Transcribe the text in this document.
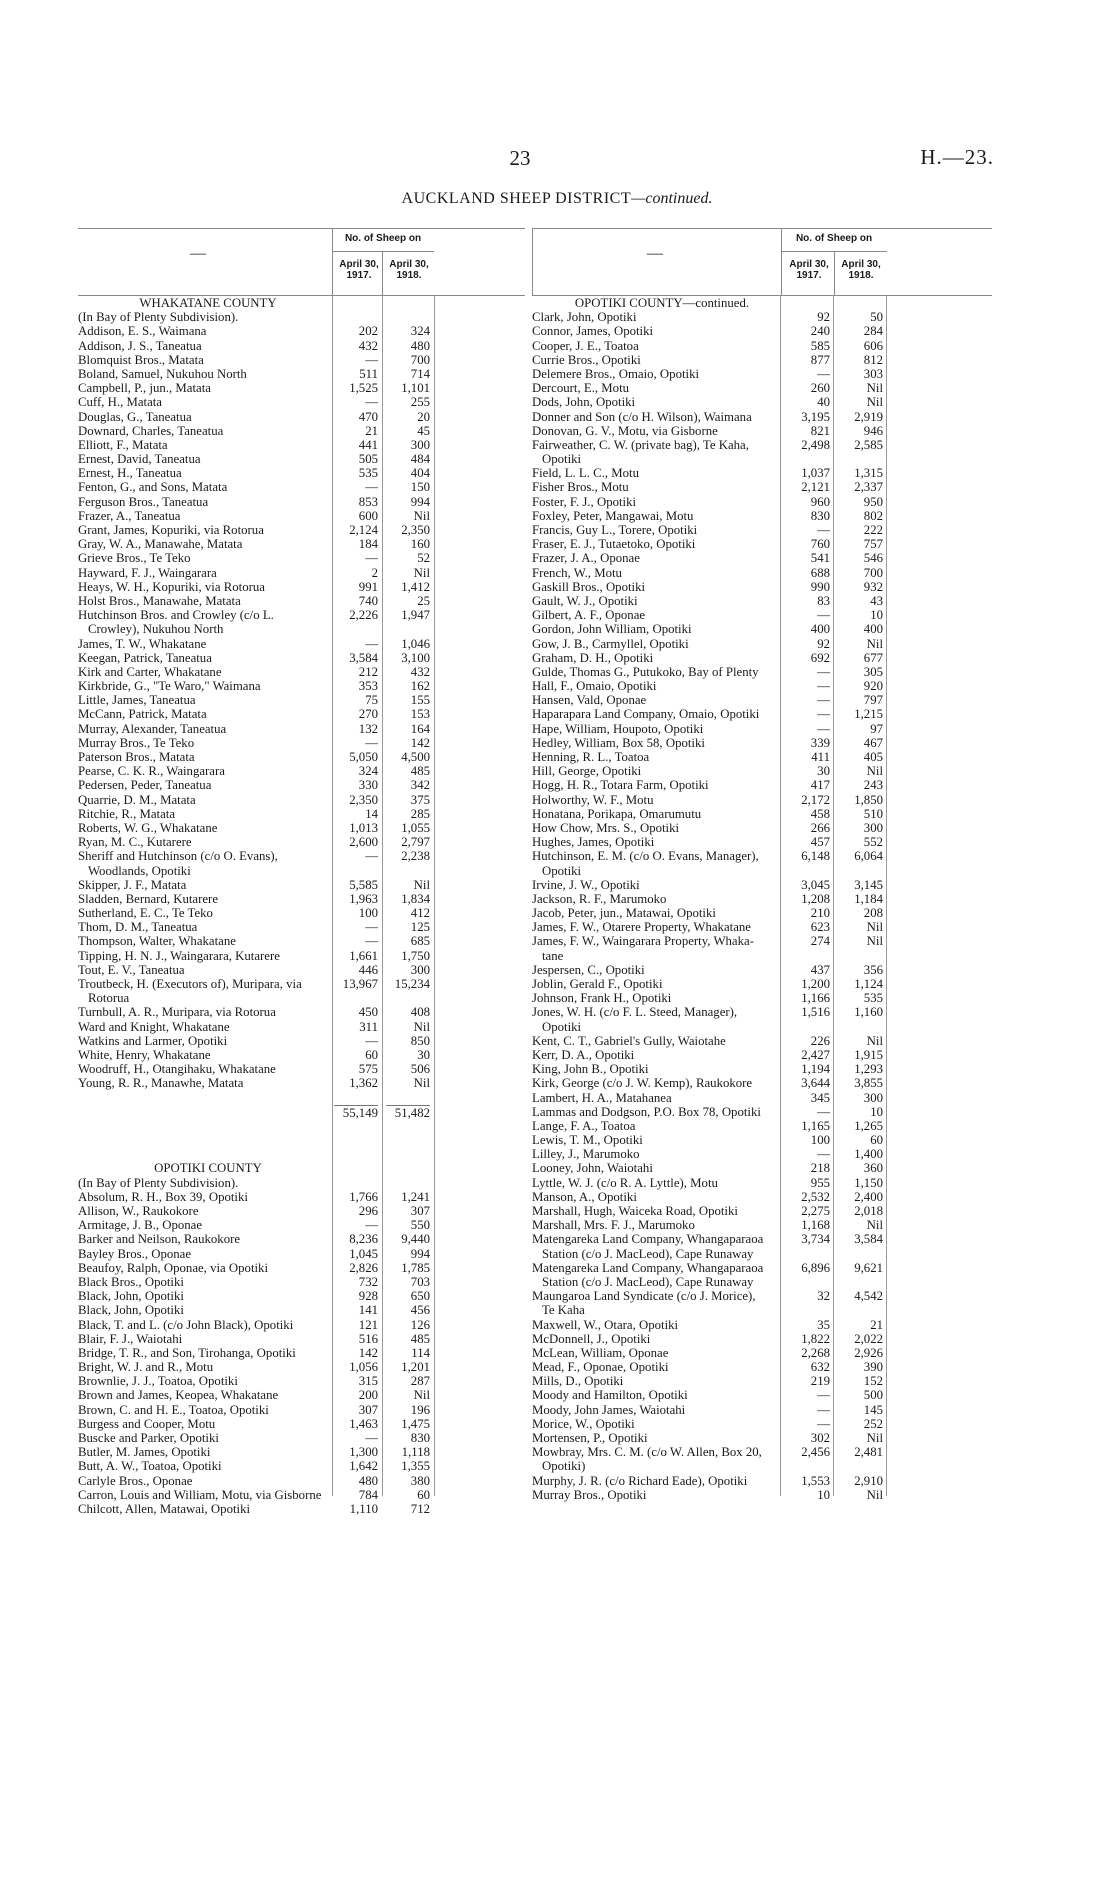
23	H.—23.
AUCKLAND SHEEP DISTRICT—continued.
—
No. of Sheep on
April 30, 1917.
April 30, 1918.
WHAKATANE COUNTY
(In Bay of Plenty Subdivision).
Addison, E. S., Waimana	202	324
Addison, J. S., Taneatua	432	480
Blomquist Bros., Matata	—	700
Boland, Samuel, Nukuhou North	511	714
Campbell, P., jun., Matata	1,525	1,101
Cuff, H., Matata	—	255
Douglas, G., Taneatua	470	20
Downard, Charles, Taneatua	21	45
Elliott, F., Matata	441	300
Ernest, David, Taneatua	505	484
Ernest, H., Taneatua	535	404
Fenton, G., and Sons, Matata	—	150
Ferguson Bros., Taneatua	853	994
Frazer, A., Taneatua	600	Nil
Grant, James, Kopuriki, via Rotorua	2,124	2,350
Gray, W. A., Manawahe, Matata	184	160
Grieve Bros., Te Teko	—	52
Hayward, F. J., Waingarara	2	Nil
Heays, W. H., Kopuriki, via Rotorua	991	1,412
Holst Bros., Manawahe, Matata	740	25
Hutchinson Bros. and Crowley (c/o L.	2,226	1,947
Crowley), Nukuhou North
James, T. W., Whakatane	—	1,046
Keegan, Patrick, Taneatua	3,584	3,100
Kirk and Carter, Whakatane	212	432
Kirkbride, G., "Te Waro," Waimana	353	162
Little, James, Taneatua	75	155
McCann, Patrick, Matata	270	153
Murray, Alexander, Taneatua	132	164
Murray Bros., Te Teko	—	142
Paterson Bros., Matata	5,050	4,500
Pearse, C. K. R., Waingarara	324	485
Pedersen, Peder, Taneatua	330	342
Quarrie, D. M., Matata	2,350	375
Ritchie, R., Matata	14	285
Roberts, W. G., Whakatane	1,013	1,055
Ryan, M. C., Kutarere	2,600	2,797
Sheriff and Hutchinson (c/o O. Evans),	—	2,238
Woodlands, Opotiki
Skipper, J. F., Matata	5,585	Nil
Sladden, Bernard, Kutarere	1,963	1,834
Sutherland, E. C., Te Teko	100	412
Thom, D. M., Taneatua	—	125
Thompson, Walter, Whakatane	—	685
Tipping, H. N. J., Waingarara, Kutarere	1,661	1,750
Tout, E. V., Taneatua	446	300
Troutbeck, H. (Executors of), Muripara, via	13,967	15,234
Rotorua
Turnbull, A. R., Muripara, via Rotorua	450	408
Ward and Knight, Whakatane	311	Nil
Watkins and Larmer, Opotiki	—	850
White, Henry, Whakatane	60	30
Woodruff, H., Otangihaku, Whakatane	575	506
Young, R. R., Manawhe, Matata	1,362	Nil
55,149	51,482
OPOTIKI COUNTY
(In Bay of Plenty Subdivision).
Absolum, R. H., Box 39, Opotiki	1,766	1,241
Allison, W., Raukokore	296	307
Armitage, J. B., Oponae	—	550
Barker and Neilson, Raukokore	8,236	9,440
Bayley Bros., Oponae	1,045	994
Beaufoy, Ralph, Oponae, via Opotiki	2,826	1,785
Black Bros., Opotiki	732	703
Black, John, Opotiki	928	650
Black, John, Opotiki	141	456
Black, T. and L. (c/o John Black), Opotiki	121	126
Blair, F. J., Waiotahi	516	485
Bridge, T. R., and Son, Tirohanga, Opotiki	142	114
Bright, W. J. and R., Motu	1,056	1,201
Brownlie, J. J., Toatoa, Opotiki	315	287
Brown and James, Keopea, Whakatane	200	Nil
Brown, C. and H. E., Toatoa, Opotiki	307	196
Burgess and Cooper, Motu	1,463	1,475
Buscke and Parker, Opotiki	—	830
Butler, M. James, Opotiki	1,300	1,118
Butt, A. W., Toatoa, Opotiki	1,642	1,355
Carlyle Bros., Oponae	480	380
Carron, Louis and William, Motu, via Gisborne	784	60
Chilcott, Allen, Matawai, Opotiki	1,110	712
—
No. of Sheep on
April 30, 1917.
April 30, 1918.
OPOTIKI COUNTY—continued.
Clark, John, Opotiki	92	50
Connor, James, Opotiki	240	284
Cooper, J. E., Toatoa	585	606
Currie Bros., Opotiki	877	812
Delemere Bros., Omaio, Opotiki	—	303
Dercourt, E., Motu	260	Nil
Dods, John, Opotiki	40	Nil
Donner and Son (c/o H. Wilson), Waimana	3,195	2,919
Donovan, G. V., Motu, via Gisborne	821	946
Fairweather, C. W. (private bag), Te Kaha,	2,498	2,585
Opotiki
Field, L. L. C., Motu	1,037	1,315
Fisher Bros., Motu	2,121	2,337
Foster, F. J., Opotiki	960	950
Foxley, Peter, Mangawai, Motu	830	802
Francis, Guy L., Torere, Opotiki	—	222
Fraser, E. J., Tutaetoko, Opotiki	760	757
Frazer, J. A., Oponae	541	546
French, W., Motu	688	700
Gaskill Bros., Opotiki	990	932
Gault, W. J., Opotiki	83	43
Gilbert, A. F., Oponae	—	10
Gordon, John William, Opotiki	400	400
Gow, J. B., Carmyllel, Opotiki	92	Nil
Graham, D. H., Opotiki	692	677
Gulde, Thomas G., Putukoko, Bay of Plenty	—	305
Hall, F., Omaio, Opotiki	—	920
Hansen, Vald, Oponae	—	797
Haparapara Land Company, Omaio, Opotiki	—	1,215
Hape, William, Houpoto, Opotiki	—	97
Hedley, William, Box 58, Opotiki	339	467
Henning, R. L., Toatoa	411	405
Hill, George, Opotiki	30	Nil
Hogg, H. R., Totara Farm, Opotiki	417	243
Holworthy, W. F., Motu	2,172	1,850
Honatana, Porikapa, Omarumutu	458	510
How Chow, Mrs. S., Opotiki	266	300
Hughes, James, Opotiki	457	552
Hutchinson, E. M. (c/o O. Evans, Manager),	6,148	6,064
Opotiki
Irvine, J. W., Opotiki	3,045	3,145
Jackson, R. F., Marumoko	1,208	1,184
Jacob, Peter, jun., Matawai, Opotiki	210	208
James, F. W., Otarere Property, Whakatane	623	Nil
James, F. W., Waingarara Property, Whaka-	274	Nil
tane
Jespersen, C., Opotiki	437	356
Joblin, Gerald F., Opotiki	1,200	1,124
Johnson, Frank H., Opotiki	1,166	535
Jones, W. H. (c/o F. L. Steed, Manager),	1,516	1,160
Opotiki
Kent, C. T., Gabriel's Gully, Waiotahe	226	Nil
Kerr, D. A., Opotiki	2,427	1,915
King, John B., Opotiki	1,194	1,293
Kirk, George (c/o J. W. Kemp), Raukokore	3,644	3,855
Lambert, H. A., Matahanea	345	300
Lammas and Dodgson, P.O. Box 78, Opotiki	—	10
Lange, F. A., Toatoa	1,165	1,265
Lewis, T. M., Opotiki	100	60
Lilley, J., Marumoko	—	1,400
Looney, John, Waiotahi	218	360
Lyttle, W. J. (c/o R. A. Lyttle), Motu	955	1,150
Manson, A., Opotiki	2,532	2,400
Marshall, Hugh, Waiceka Road, Opotiki	2,275	2,018
Marshall, Mrs. F. J., Marumoko	1,168	Nil
Matengareka Land Company, Whangaparaoa	3,734	3,584
Station (c/o J. MacLeod), Cape Runaway
Matengareka Land Company, Whangaparaoa	6,896	9,621
Station (c/o J. MacLeod), Cape Runaway
Maungaroa Land Syndicate (c/o J. Morice),	32	4,542
Te Kaha
Maxwell, W., Otara, Opotiki	35	21
McDonnell, J., Opotiki	1,822	2,022
McLean, William, Oponae	2,268	2,926
Mead, F., Oponae, Opotiki	632	390
Mills, D., Opotiki	219	152
Moody and Hamilton, Opotiki	—	500
Moody, John James, Waiotahi	—	145
Morice, W., Opotiki	—	252
Mortensen, P., Opotiki	302	Nil
Mowbray, Mrs. C. M. (c/o W. Allen, Box 20,	2,456	2,481
Opotiki)
Murphy, J. R. (c/o Richard Eade), Opotiki	1,553	2,910
Murray Bros., Opotiki	10	Nil
